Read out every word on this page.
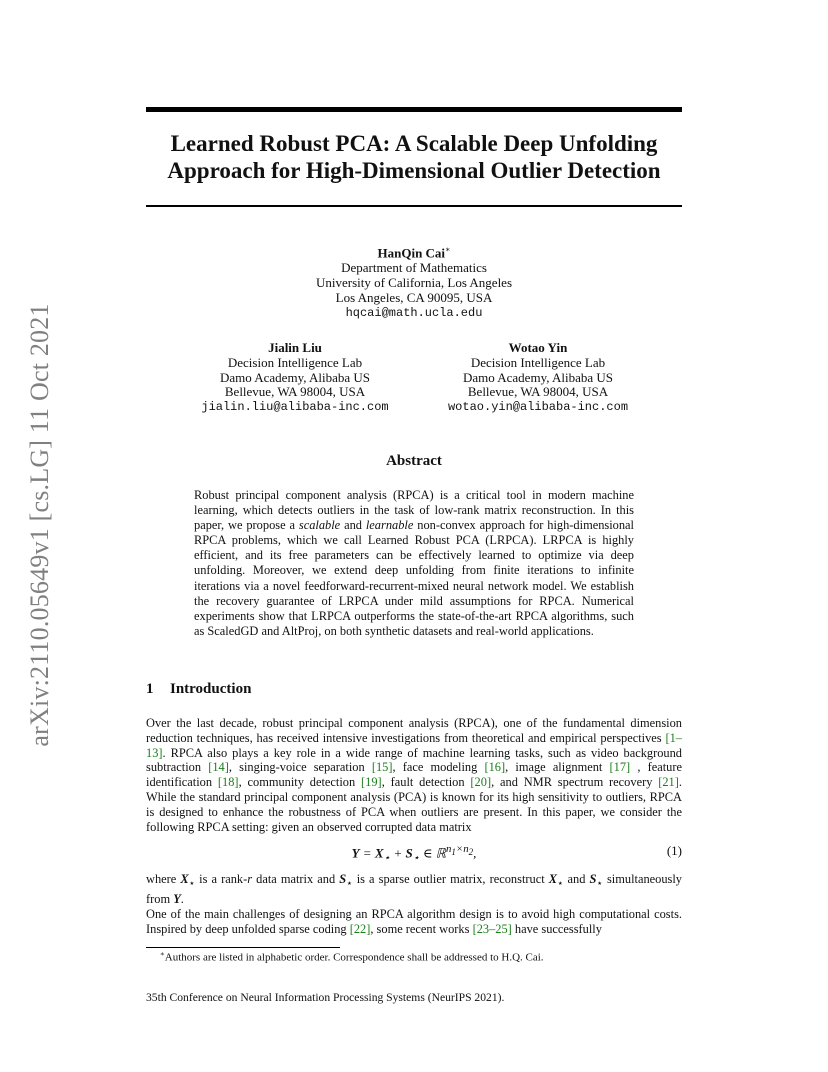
arXiv:2110.05649v1 [cs.LG] 11 Oct 2021
Learned Robust PCA: A Scalable Deep Unfolding
Approach for High-Dimensional Outlier Detection
HanQin Cai∗
Department of Mathematics
University of California, Los Angeles
Los Angeles, CA 90095, USA
hqcai@math.ucla.edu
Jialin Liu
Decision Intelligence Lab
Damo Academy, Alibaba US
Bellevue, WA 98004, USA
jialin.liu@alibaba-inc.com
Wotao Yin
Decision Intelligence Lab
Damo Academy, Alibaba US
Bellevue, WA 98004, USA
wotao.yin@alibaba-inc.com
Abstract
Robust principal component analysis (RPCA) is a critical tool in modern machine learning, which detects outliers in the task of low-rank matrix reconstruction. In this paper, we propose a scalable and learnable non-convex approach for high-dimensional RPCA problems, which we call Learned Robust PCA (LRPCA). LRPCA is highly efficient, and its free parameters can be effectively learned to optimize via deep unfolding. Moreover, we extend deep unfolding from finite iterations to infinite iterations via a novel feedforward-recurrent-mixed neural network model. We establish the recovery guarantee of LRPCA under mild assumptions for RPCA. Numerical experiments show that LRPCA outperforms the state-of-the-art RPCA algorithms, such as ScaledGD and AltProj, on both synthetic datasets and real-world applications.
1 Introduction
Over the last decade, robust principal component analysis (RPCA), one of the fundamental dimension reduction techniques, has received intensive investigations from theoretical and empirical perspectives [1–13]. RPCA also plays a key role in a wide range of machine learning tasks, such as video background subtraction [14], singing-voice separation [15], face modeling [16], image alignment [17] , feature identification [18], community detection [19], fault detection [20], and NMR spectrum recovery [21]. While the standard principal component analysis (PCA) is known for its high sensitivity to outliers, RPCA is designed to enhance the robustness of PCA when outliers are present. In this paper, we consider the following RPCA setting: given an observed corrupted data matrix
$Y = X_⋆ + S_⋆$ ∈ ℝ$^{n_1\times n_2}$,	(1)
where $X_⋆$ is a rank-r data matrix and $S_⋆$ is a sparse outlier matrix, reconstruct $X_⋆$ and $S_⋆$ simultaneously from Y.
One of the main challenges of designing an RPCA algorithm design is to avoid high computational costs. Inspired by deep unfolded sparse coding [22], some recent works [23–25] have successfully
∗Authors are listed in alphabetic order. Correspondence shall be addressed to H.Q. Cai.
35th Conference on Neural Information Processing Systems (NeurIPS 2021).
